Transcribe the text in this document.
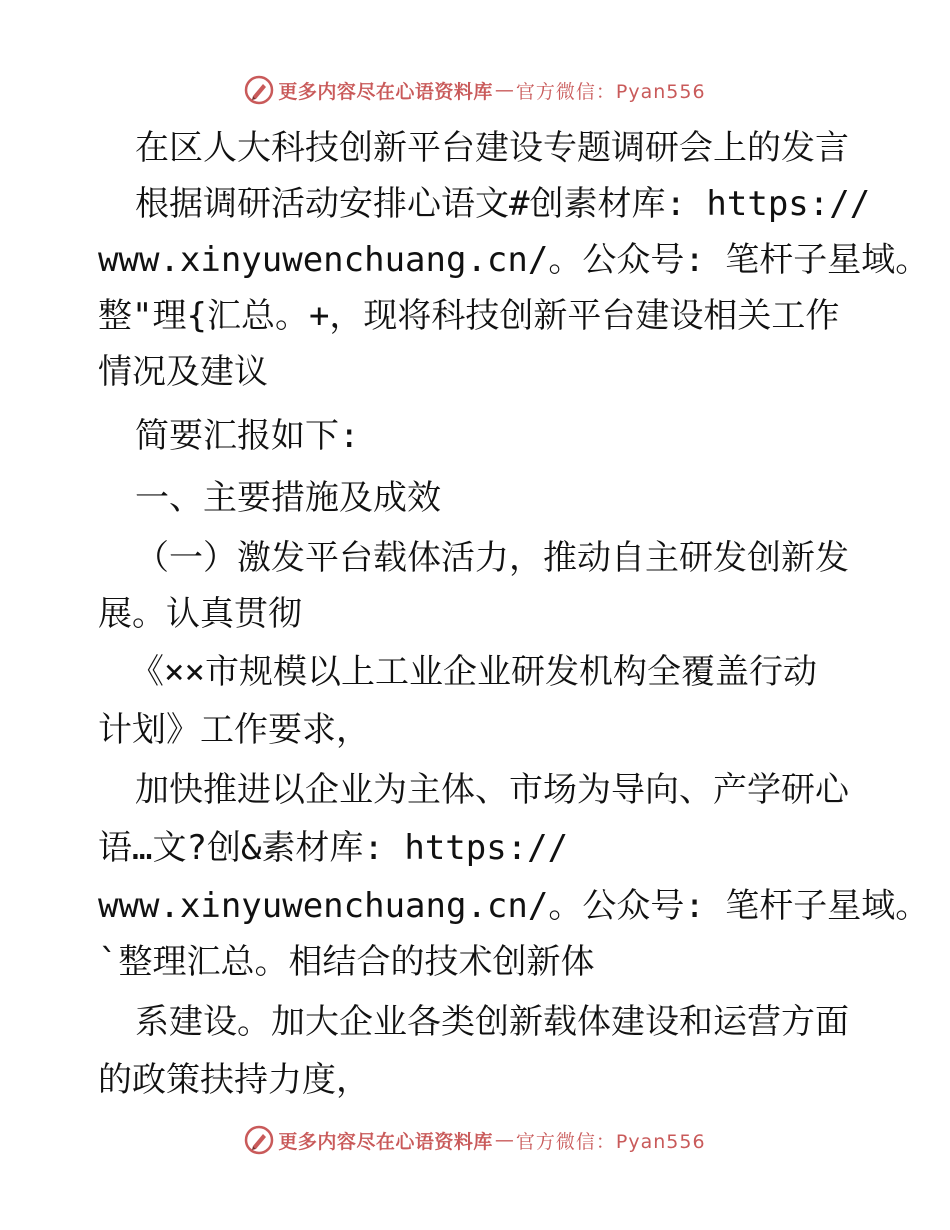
更多内容尽在心语资料库 — 官方微信：Pyan556
在区人大科技创新平台建设专题调研会上的发言
根据调研活动安排心语文#创素材库: https://
www.xinyuwenchuang.cn/。公众号: 笔杆子星域。
整"理{汇总。+，现将科技创新平台建设相关工作
情况及建议
简要汇报如下:
一、主要措施及成效
（一）激发平台载体活力，推动自主研发创新发
展。认真贯彻
《××市规模以上工业企业研发机构全覆盖行动
计划》工作要求，
加快推进以企业为主体、市场为导向、产学研心
语…文?创&素材库: https://
www.xinyuwenchuang.cn/。公众号: 笔杆子星域。
`整理汇总。相结合的技术创新体
系建设。加大企业各类创新载体建设和运营方面
的政策扶持力度，
更多内容尽在心语资料库 — 官方微信：Pyan556
